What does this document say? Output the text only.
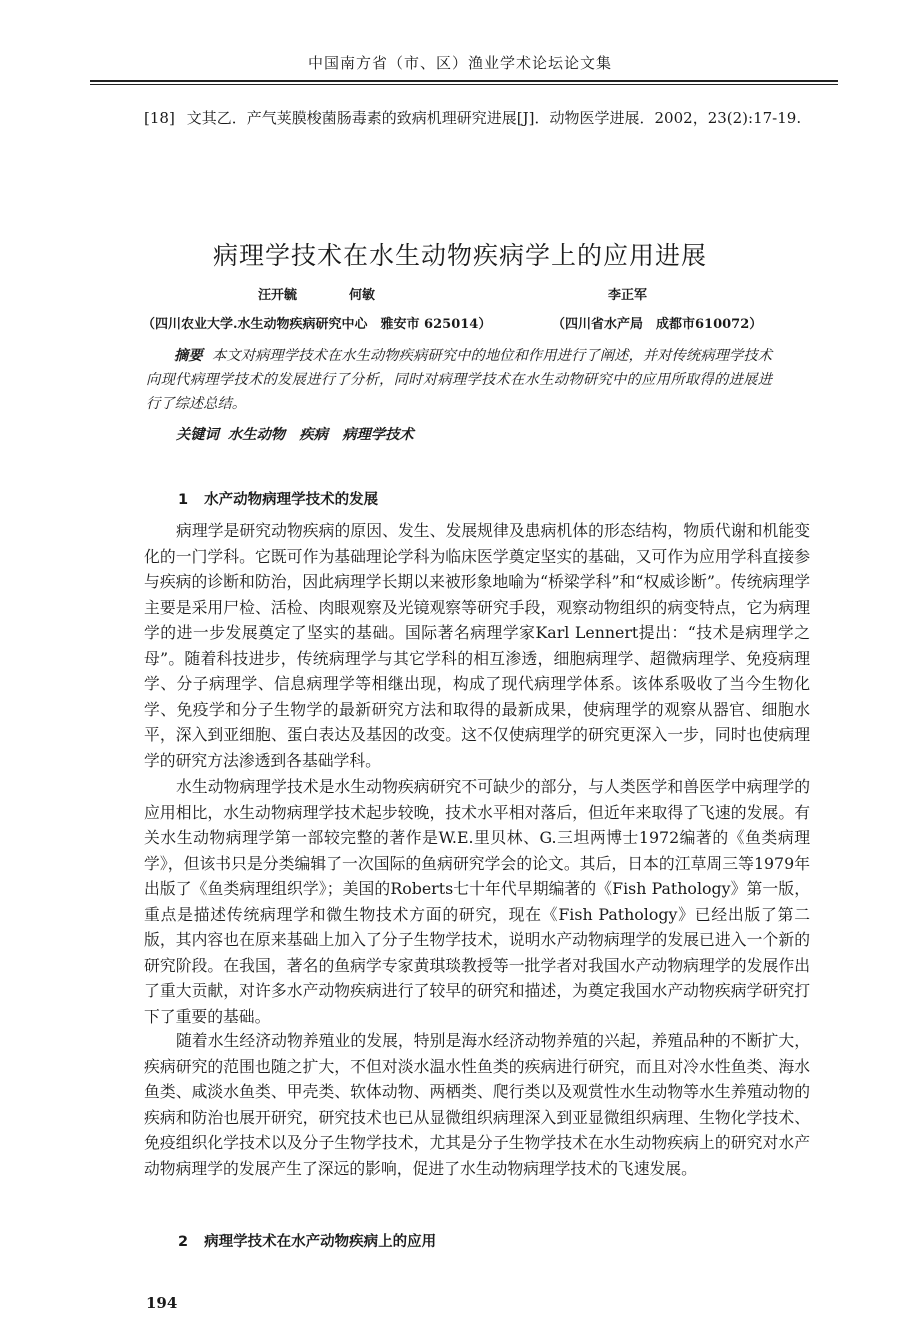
中国南方省（市、区）渔业学术论坛论文集
[18] 文其乙．产气荚膜梭菌肠毒素的致病机理研究进展[J]．动物医学进展．2002，23(2):17-19.
病理学技术在水生动物疾病学上的应用进展
汪开毓	何敏	李正军
（四川农业大学.水生动物疾病研究中心　雅安市 625014）	（四川省水产局　成都市610072）
摘要 本文对病理学技术在水生动物疾病研究中的地位和作用进行了阐述，并对传统病理学技术向现代病理学技术的发展进行了分析，同时对病理学技术在水生动物研究中的应用所取得的进展进行了综述总结。
关键词 水生动物　疾病　病理学技术
1 水产动物病理学技术的发展
病理学是研究动物疾病的原因、发生、发展规律及患病机体的形态结构，物质代谢和机能变化的一门学科。它既可作为基础理论学科为临床医学奠定坚实的基础，又可作为应用学科直接参与疾病的诊断和防治，因此病理学长期以来被形象地喻为“桥梁学科”和“权威诊断”。传统病理学主要是采用尸检、活检、肉眼观察及光镜观察等研究手段，观察动物组织的病变特点，它为病理学的进一步发展奠定了坚实的基础。国际著名病理学家Karl Lennert提出：“技术是病理学之母”。随着科技进步，传统病理学与其它学科的相互渗透，细胞病理学、超微病理学、免疫病理学、分子病理学、信息病理学等相继出现，构成了现代病理学体系。该体系吸收了当今生物化学、免疫学和分子生物学的最新研究方法和取得的最新成果，使病理学的观察从器官、细胞水平，深入到亚细胞、蛋白表达及基因的改变。这不仅使病理学的研究更深入一步，同时也使病理学的研究方法渗透到各基础学科。
水生动物病理学技术是水生动物疾病研究不可缺少的部分，与人类医学和兽医学中病理学的应用相比，水生动物病理学技术起步较晚，技术水平相对落后，但近年来取得了飞速的发展。有关水生动物病理学第一部较完整的著作是W.E.里贝林、G.三坦两博士1972编著的《鱼类病理学》，但该书只是分类编辑了一次国际的鱼病研究学会的论文。其后，日本的江草周三等1979年出版了《鱼类病理组织学》；美国的Roberts七十年代早期编著的《Fish Pathology》第一版，重点是描述传统病理学和微生物技术方面的研究，现在《Fish Pathology》已经出版了第二版，其内容也在原来基础上加入了分子生物学技术，说明水产动物病理学的发展已进入一个新的研究阶段。在我国，著名的鱼病学专家黄琪琰教授等一批学者对我国水产动物病理学的发展作出了重大贡献，对许多水产动物疾病进行了较早的研究和描述，为奠定我国水产动物疾病学研究打下了重要的基础。
随着水生经济动物养殖业的发展，特别是海水经济动物养殖的兴起，养殖品种的不断扩大，疾病研究的范围也随之扩大，不但对淡水温水性鱼类的疾病进行研究，而且对冷水性鱼类、海水鱼类、咸淡水鱼类、甲壳类、软体动物、两栖类、爬行类以及观赏性水生动物等水生养殖动物的疾病和防治也展开研究，研究技术也已从显微组织病理深入到亚显微组织病理、生物化学技术、免疫组织化学技术以及分子生物学技术，尤其是分子生物学技术在水生动物疾病上的研究对水产动物病理学的发展产生了深远的影响，促进了水生动物病理学技术的飞速发展。
2 病理学技术在水产动物疾病上的应用
194
